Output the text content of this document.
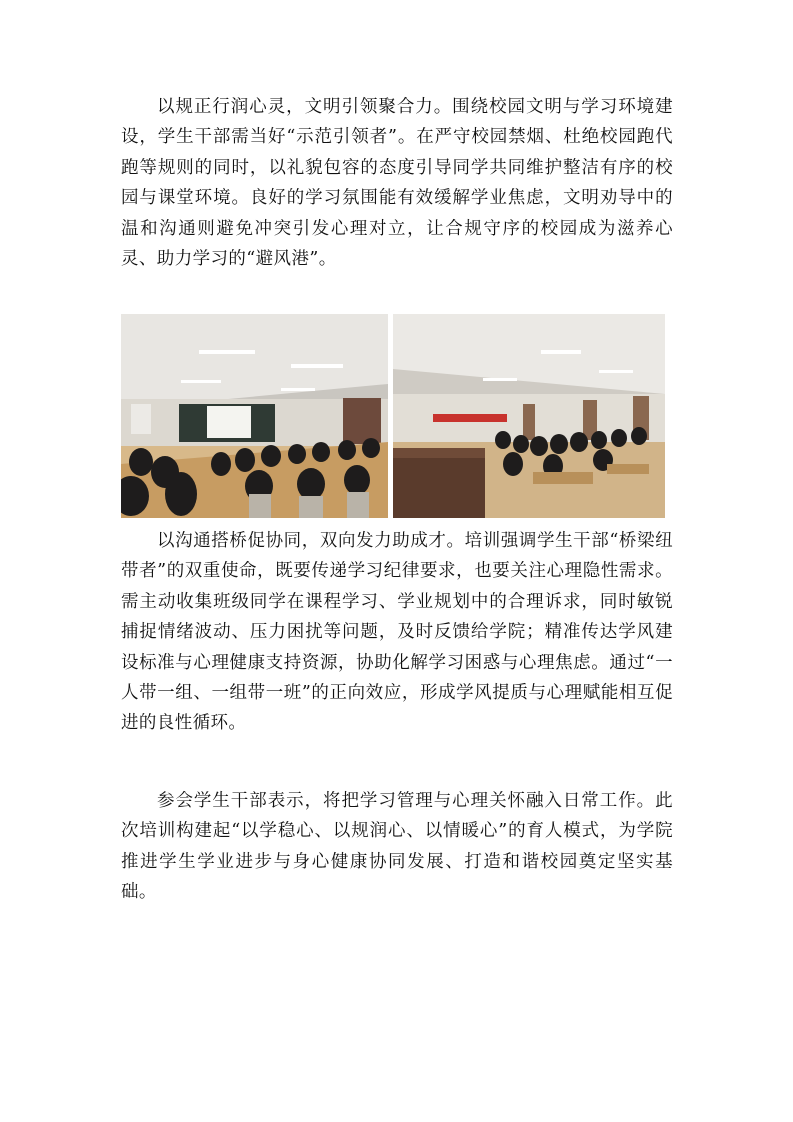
以规正行润心灵，文明引领聚合力。围绕校园文明与学习环境建设，学生干部需当好“示范引领者”。在严守校园禁烟、杜绝校园跑代跑等规则的同时，以礼貌包容的态度引导同学共同维护整洁有序的校园与课堂环境。良好的学习氛围能有效缓解学业焦虑，文明劝导中的温和沟通则避免冲突引发心理对立，让合规守序的校园成为滋养心灵、助力学习的“避风港”。

以沟通搭桥促协同，双向发力助成才。培训强调学生干部“桥梁纽带者”的双重使命，既要传递学习纪律要求，也要关注心理隐性需求。需主动收集班级同学在课程学习、学业规划中的合理诉求，同时敏锐捕捉情绪波动、压力困扰等问题，及时反馈给学院；精准传达学风建设标准与心理健康支持资源，协助化解学习困惑与心理焦虑。通过“一人带一组、一组带一班”的正向效应，形成学风提质与心理赋能相互促进的良性循环。

参会学生干部表示，将把学习管理与心理关怀融入日常工作。此次培训构建起“以学稳心、以规润心、以情暖心”的育人模式，为学院推进学生学业进步与身心健康协同发展、打造和谐校园奠定坚实基础。
